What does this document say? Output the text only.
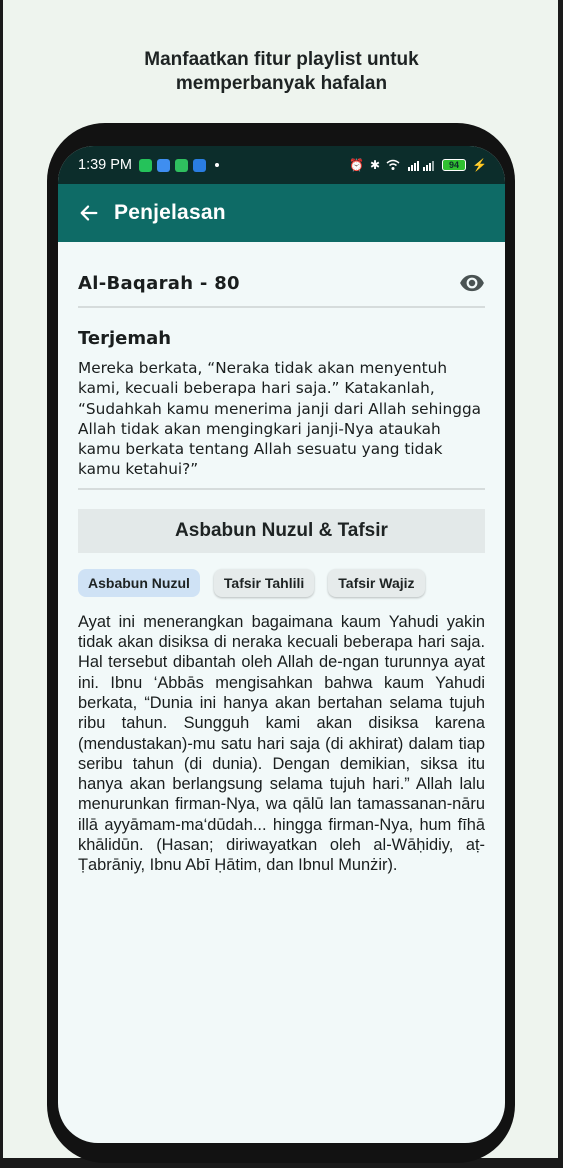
Manfaatkan fitur playlist untuk
memperbanyak hafalan
1:39 PM	⏰ ✱	94 ⚡
Penjelasan
Al-Baqarah - 80
Terjemah
Mereka berkata, “Neraka tidak akan menyentuh kami, kecuali beberapa hari saja.” Katakanlah, “Sudahkah kamu menerima janji dari Allah sehingga Allah tidak akan mengingkari janji-Nya ataukah kamu berkata tentang Allah sesuatu yang tidak kamu ketahui?”
Asbabun Nuzul & Tafsir
Asbabun Nuzul	Tafsir Tahlili	Tafsir Wajiz
Ayat ini menerangkan bagaimana kaum Yahudi yakin tidak akan disiksa di neraka kecuali beberapa hari saja. Hal tersebut dibantah oleh Allah de-ngan turunnya ayat ini. Ibnu ‘Abbās mengisahkan bahwa kaum Yahudi berkata, “Dunia ini hanya akan bertahan selama tujuh ribu tahun. Sungguh kami akan disiksa karena (mendustakan)-mu satu hari saja (di akhirat) dalam tiap seribu tahun (di dunia). Dengan demikian, siksa itu hanya akan berlangsung selama tujuh hari.” Allah lalu menurunkan firman-Nya, wa qālū lan tamassanan-nāru illā ayyāmam-ma‘dūdah... hingga firman-Nya, hum fīhā khālidūn. (Hasan; diriwayatkan oleh al-Wāḥidiy, aṭ-Ṭabrāniy, Ibnu Abī Ḥātim, dan Ibnul Munżir).
